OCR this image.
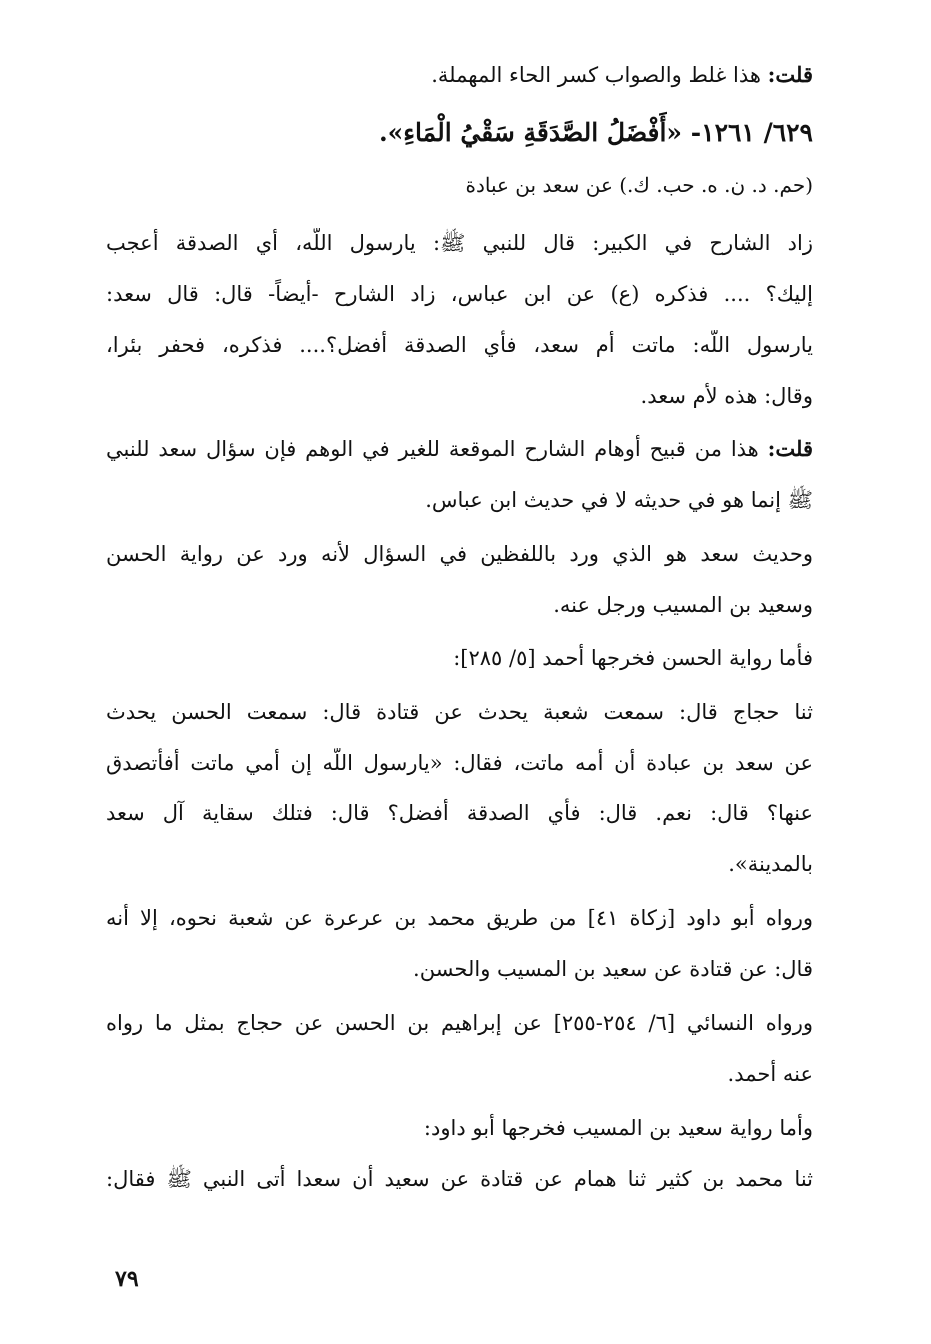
قلت: هذا غلط والصواب كسر الحاء المهملة.
٦٢٩/ ١٢٦١- «أَفْضَلُ الصَّدَقَةِ سَقْيُ الْمَاءِ».
(حم. د. ن. ه. حب. ك.) عن سعد بن عبادة
زاد الشارح في الكبير: قال للنبي ﷺ: يارسول اللّه، أي الصدقة أعجب
إليك؟ .... فذكره (ع) عن ابن عباس، زاد الشارح -أيضاً- قال: قال سعد:
يارسول اللّه: ماتت أم سعد، فأي الصدقة أفضل؟.... فذكره، فحفر بئرا،
وقال: هذه لأم سعد.
قلت: هذا من قبيح أوهام الشارح الموقعة للغير في الوهم فإن سؤال سعد للنبي
ﷺ إنما هو في حديثه لا في حديث ابن عباس.
وحديث سعد هو الذي ورد باللفظين في السؤال لأنه ورد عن رواية الحسن
وسعيد بن المسيب ورجل عنه.
فأما رواية الحسن فخرجها أحمد [٥/ ٢٨٥]:
ثنا حجاج قال: سمعت شعبة يحدث عن قتادة قال: سمعت الحسن يحدث
عن سعد بن عبادة أن أمه ماتت، فقال: «يارسول اللّه إن أمي ماتت أفأتصدق
عنها؟ قال: نعم. قال: فأي الصدقة أفضل؟ قال: فتلك سقاية آل سعد
بالمدينة».
ورواه أبو داود [زكاة ٤١] من طريق محمد بن عرعرة عن شعبة نحوه، إلا أنه
قال: عن قتادة عن سعيد بن المسيب والحسن.
ورواه النسائي [٦/ ٢٥٤-٢٥٥] عن إبراهيم بن الحسن عن حجاج بمثل ما رواه
عنه أحمد.
وأما رواية سعيد بن المسيب فخرجها أبو داود:
ثنا محمد بن كثير ثنا همام عن قتادة عن سعيد أن سعدا أتى النبي ﷺ فقال:
٧٩
